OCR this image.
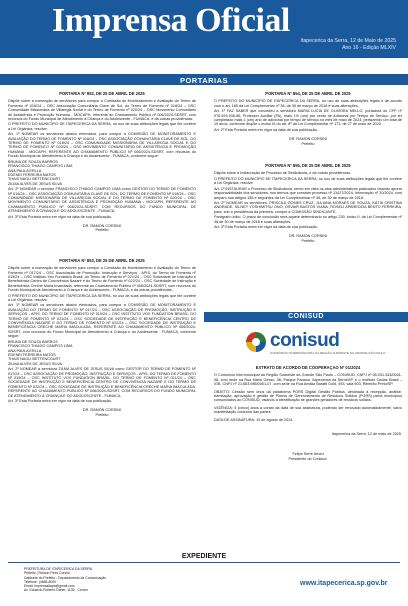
Imprensa Oficial
Itapecerica da Serra, 12 de Maio de 2025
Ano 16 - Edição MLXIV
PORTARIAS
PORTARIA Nº 852, DE 25 DE ABRIL DE 2025
Dispõe sobre a nomeação de servidores para compor a Comissão de Monitoramento e Avaliação do Termo de Fomento nº 016/24 – OSC Associação Comunitária Clave de Sol, do Termo de Fomento nº 018/24 – OSC Comunidade Missionária de Villaregia Social e do Termo de Fomento nº 020/24 – OSC Movimento Comunitário de Assistência e Promoção Humana - MOCAPH, referente ao Chamamento Público nº 006/2024-SDSRT, com recursos do Fundo Municipal de Atendimento à Criança e do Adolescente - FUMACA, e dá outras providências.
O PREFEITO DO MUNICÍPIO DE ITAPECERICA DA SERRA, no uso de suas atribuições legais que lhe confere a Lei Orgânica; resolve:
Art. 1º NOMEAR os servidores abaixo elencados, para compor a COMISSÃO DE MONITORAMENTO E AVALIAÇÃO DO TERMO DE FOMENTO Nº 016/24 – OSC ASSOCIAÇÃO COMUNITÁRIA CLAVE DE SOL, DO TERMO DE FOMENTO Nº 018/24 – OSC COMUNIDADE MISSIONÁRIA DE VILLAREGIA SOCIAL E DO TERMO DE FOMENTO Nº 020/24 – OSC MOVIMENTO COMUNITÁRIO DE ASSISTÊNCIA E PROMOÇÃO HUMANA - MOCAPH, REFERENTE AO CHAMAMENTO PÚBLICO Nº 006/2024-SDSRT, com recursos do Fundo Municipal de Atendimento à Criança e do Adolescente - FUMACA, conforme segue:
BRUNA DE SOUZA BARROS
FRANCISCO THIAGO CAMPOS LIMA
ANA PAULA ERLLA
EDENEI FERREIRA MATOS
THAIS NAGLI BETTENCOURT
ZILMA ALVES DE JESUS SILVA
Art. 2º NOMEAR o servidor FRANCISCO THIAGO CAMPOS LIMA como GESTOR DO TERMO DE FOMENTO Nº 016/24 – OSC ASSOCIAÇÃO COMUNITÁRIA CLAVE DE SOL, DO TERMO DE FOMENTO Nº 018/24 – OSC COMUNIDADE MISSIONÁRIA DE VILLAREGIA SOCIAL E DO TERMO DE FOMENTO Nº 020/24 – OSC MOVIMENTO COMUNITÁRIO DE ASSISTÊNCIA E PROMOÇÃO HUMANA - MOCAPH, REFERENTE AO CHAMAMENTO PÚBLICO Nº 006/2024-SDSRT, COM RECURSOS DO FUNDO MUNICIPAL DE ATENDIMENTO À CRIANÇA E DO ADOLESCENTE - FUMACA.
Art. 3º Esta Portaria entra em vigor na data de sua publicação.
DR. RAMON CORSINI
Prefeito
PORTARIA Nº 853, DE 25 DE ABRIL DE 2025
Dispõe sobre a nomeação de servidores para compor a Comissão de Monitoramento e Avaliação do Termo de Fomento nº 017/24 – OSC Associação de Promoção, Instrução e Serviços - APIS, do Termo de Fomento nº 019/24 – OSC Instituto Vox Fundation Brasil, do Termo de Fomento nº 021/24 – OSC Sociedade de Instrução e Beneficência Centro de Convivência Nazaré e do Termo de Fomento nº 022/24 – OSC Sociedade de Instrução e Beneficência Creche Maria Imaculada, referente ao Chamamento Público nº 006/2024-SDSRT, com recursos do Fundo Municipal de Atendimento à Criança e do Adolescente - FUMACA, e dá outras providências.
O PREFEITO DO MUNICÍPIO DE ITAPECERICA DA SERRA, no uso de suas atribuições legais que lhe confere a Lei Orgânica; resolve:
Art. 1º NOMEAR os servidores abaixo elencados, para compor a COMISSÃO DE MONITORAMENTO E AVALIAÇÃO DO TERMO DE FOMENTO Nº 017/24 – OSC ASSOCIAÇÃO DE PROMOÇÃO, INSTRUÇÃO E SERVIÇOS - APIS, DO TERMO DE FOMENTO Nº 019/24 – OSC INSTITUTO VOX FUNDATION BRASIL, DO TERMO DE FOMENTO Nº 021/24 – OSC SOCIEDADE DE INSTRUÇÃO E BENEFICÊNCIA CENTRO DE CONVIVÊNCIA NAZARÉ E DO TERMO DE FOMENTO Nº 022/24 – OSC SOCIEDADE DE INSTRUÇÃO E BENEFICÊNCIA CRECHE MARIA IMACULADA, REFERENTE AO CHAMAMENTO PÚBLICO Nº 006/2024-SDSRT, com recursos do Fundo Municipal de Atendimento à Criança e do Adolescente - FUMACA, conforme segue:
BRUNA DE SOUZA BARROS
FRANCISCO THIAGO CAMPOS LIMA
ANA PAULA ERLLA
EDENEI FERREIRA MATOS
THAIS NAGLI BETTENCOURT
ZILMA ALVES DE JESUS SILVA
Art. 2º NOMEAR a servidora ZILMA ALVES DE JESUS SILVA como GESTOR DO TERMO DE FOMENTO Nº 017/24 – OSC ASSOCIAÇÃO DE PROMOÇÃO, INSTRUÇÃO E SERVIÇOS - APIS, DO TERMO DE FOMENTO Nº 019/24 – OSC INSTITUTO VOX FUNDATION BRASIL, DO TERMO DE FOMENTO Nº 021/24 – OSC SOCIEDADE DE INSTRUÇÃO E BENEFICÊNCIA CENTRO DE CONVIVÊNCIA NAZARÉ E DO TERMO DE FOMENTO Nº 022/24 – OSC SOCIEDADE DE INSTRUÇÃO E BENEFICÊNCIA CRECHE MARIA IMACULADA, REFERENTE AO CHAMAMENTO PÚBLICO Nº 006/2024-SDSRT, COM RECURSOS DO FUNDO MUNICIPAL DE ATENDIMENTO À CRIANÇA E DO ADOLESCENTE - FUMACA.
Art. 3º Esta Portaria entra em vigor na data de sua publicação.
DR. RAMON CORSINI
Prefeito
PORTARIA Nº 854, DE 25 DE ABRIL DE 2025
O PREFEITO DO MUNICÍPIO DE ITAPECERICA DA SERRA, no uso de suas atribuições legais e de acordo com o art. 165 da Lei Complementar nº 36, de 30 de março de 2018 e suas alterações,
Art. 1º FAZ SABER que concedeu a servidora MARIA LUCIA DE OLIVEIRA MELLO, portadora do CPF nº 076.993.938-86, Professor Auxiliar (PA), mais 1% (um) por cento de Adicional por Tempo de Serviço, por ter completado mais 1 (um) ano de adicional por tempo de serviço no mês de maio de 2024, perfazendo um total de 19 anos, conforme dispõe o inciso IX do art. 8º da Lei Complementar nº 173, de 27 de maio de 2020.
Art. 2º Esta Portaria entra em vigor na data de sua publicação.
DR. RAMON CORSINI
Prefeito
PORTARIA Nº 855, DE 25 DE ABRIL DE 2025
Dispõe sobre a Instauração de Processo de Sindicância, e dá outras providências.
O PREFEITO DO MUNICÍPIO DE ITAPECERICA DA SERRA, no uso de suas atribuições legais que lhe confere a Lei Orgânica; resolve:
Art. 1º INSTAURAR o Processo de Sindicância, tendo em vista os atos administrativos praticados visando apurar responsabilidade dos servidores, nos termos que constam processo nº 13427/2024, Informação nº 20/2024, com amparo nos artigos 155 e seguintes da Lei Complementar nº 36, de 30 de março de 2018.
Art. 2º NOMEAR os servidores, PRISCILA GOMES CRUZ, JULIANA MORAES DE SOUZA, KÁTIA CRISTINA ANDRADE, SILNEY YOSHIMITSU ONO, OSVAIR BASTOS VIANA, ROSELI APARECIDA BENTO FERREIRA, para, sob a presidência da primeira, compor a COMISSÃO SINDICANTE.
Parágrafo único. O prazo de conclusão será aquele determinado no artigo 230, inciso II, da Lei Complementar nº 36 de 30 de março de 2018 e suas alterações.
Art. 3º Esta Portaria entra em vigor na data de sua publicação.
DR. RAMON CORSINI
Prefeito
CONISUD
conisud
CONSÓRCIO INTERMUNICIPAL DA REGIÃO SUDOESTE DA GRANDE SÃO PAULO
EXTRATO DE ACORDO DE COOPERAÇÃO Nº 01/2024
O Consórcio Intermunicipal da Região Sudoeste da Grande São Paulo – CONISUD, CNPJ nº 05.031.343/0001-08, com sede na Rua Mário Gesso, 36, Parque Paraíso, Itapecerica da Serra/SP, e o Instituto Cedae Brasil – IGB, CNPJ nº 21.663.985/0001-07, com sede na Rua Amália Baratti Gold, 493, sala 503, Ribeirão Preto/SP.
OBJETO: Cessão sem ônus da plataforma PGRS Digital Gestão Pública, destinada à recepção, análise, tramitação, aprovação e gestão de Planos de Gerenciamento de Resíduos Sólidos (PGRS) pelos municípios consorciados ao CONISUD, visando à identificação de grandes geradores de resíduos sólidos.
VIGÊNCIA: 5 (cinco) anos a contar da data de sua assinatura, podendo ser renovado automaticamente, salvo manifestação contrária das partes.
DATA DE ASSINATURA: 19 de agosto de 2024.
Itapecerica da Serra, 12 de maio de 2025.
Felipe Serre Amed
Presidente do Conisud.
EXPEDIENTE
PREFEITURA DE ITAPECERICA DA SERRA
Prefeito | Ramon Pires Corsini
Gabinete do Prefeito - Departamento de Comunicação
Telefone: (4668-8000
Email: imprensaitapa@gmail.com
Av. Eduardo Roberto Daher, 1135 - Centro
www.itapecerica.sp.gov.br
